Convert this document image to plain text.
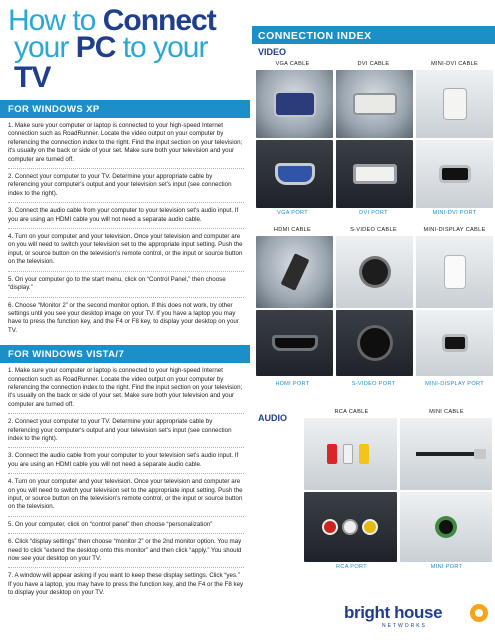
How to Connect
your PC to your TV
FOR WINDOWS XP

1. Make sure your computer or laptop is connected to your high-speed Internet connection such as RoadRunner. Locate the video output on your computer by referencing the connection index to the right. Find the input section on your television; it's usually on the back or side of your set. Make sure both your television and your computer are turned off.

2. Connect your computer to your TV. Determine your appropriate cable by referencing your computer's output and your television set's input (see connection index to the right).

3. Connect the audio cable from your computer to your television set's audio input. If you are using an HDMI cable you will not need a separate audio cable.

4. Turn on your computer and your television. Once your television and computer are on you will need to switch your television set to the appropriate input setting. Push the input, or source button on the television's remote control, or the input or source button on the television.

5. On your computer go to the start menu, click on “Control Panel,” then choose “display.”

6. Choose “Monitor 2” or the second monitor option. If this does not work, try other settings until you see your desktop image on your TV. If you have a laptop you may have to press the function key, and the F4 or F8 key, to display your desktop on your TV.

FOR WINDOWS VISTA/7

1. Make sure your computer or laptop is connected to your high-speed Internet connection such as RoadRunner. Locate the video output on your computer by referencing the connection index to the right. Find the input section on your television; it's usually on the back or side of your set. Make sure both your television and your computer are turned off.

2. Connect your computer to your TV. Determine your appropriate cable by referencing your computer's output and your television set's input (see connection index to the right).

3. Connect the audio cable from your computer to your television set's audio input. If you are using an HDMI cable you will not need a separate audio cable.

4. Turn on your computer and your television. Once your television and computer are on you will need to switch your television set to the appropriate input setting. Push the input, or source button on the television's remote control, or the input or source button on the television.

5. On your computer, click on “control panel” then choose “personalization”

6. Click “display settings” then choose “monitor 2” or the 2nd monitor option. You may need to click “extend the desktop onto this monitor” and then click “apply.” You should now see your desktop on your TV.

7. A window will appear asking if you want to keep these display settings. Click “yes.” If you have a laptop, you may have to press the function key, and the F4 or the F8 key to display your desktop on your TV.

CONNECTION INDEX
VIDEO
VGA CABLE	DVI CABLE	MINI-DVI CABLE
VGA PORT	DVI PORT	MINI-DVI PORT
HDMI CABLE	S-VIDEO CABLE	MINI-DISPLAY CABLE
HDMI PORT	S-VIDEO PORT	MINI-DISPLAY PORT
AUDIO
RCA CABLE	MINI CABLE
RCA PORT	MINI PORT
bright house
NETWORKS
